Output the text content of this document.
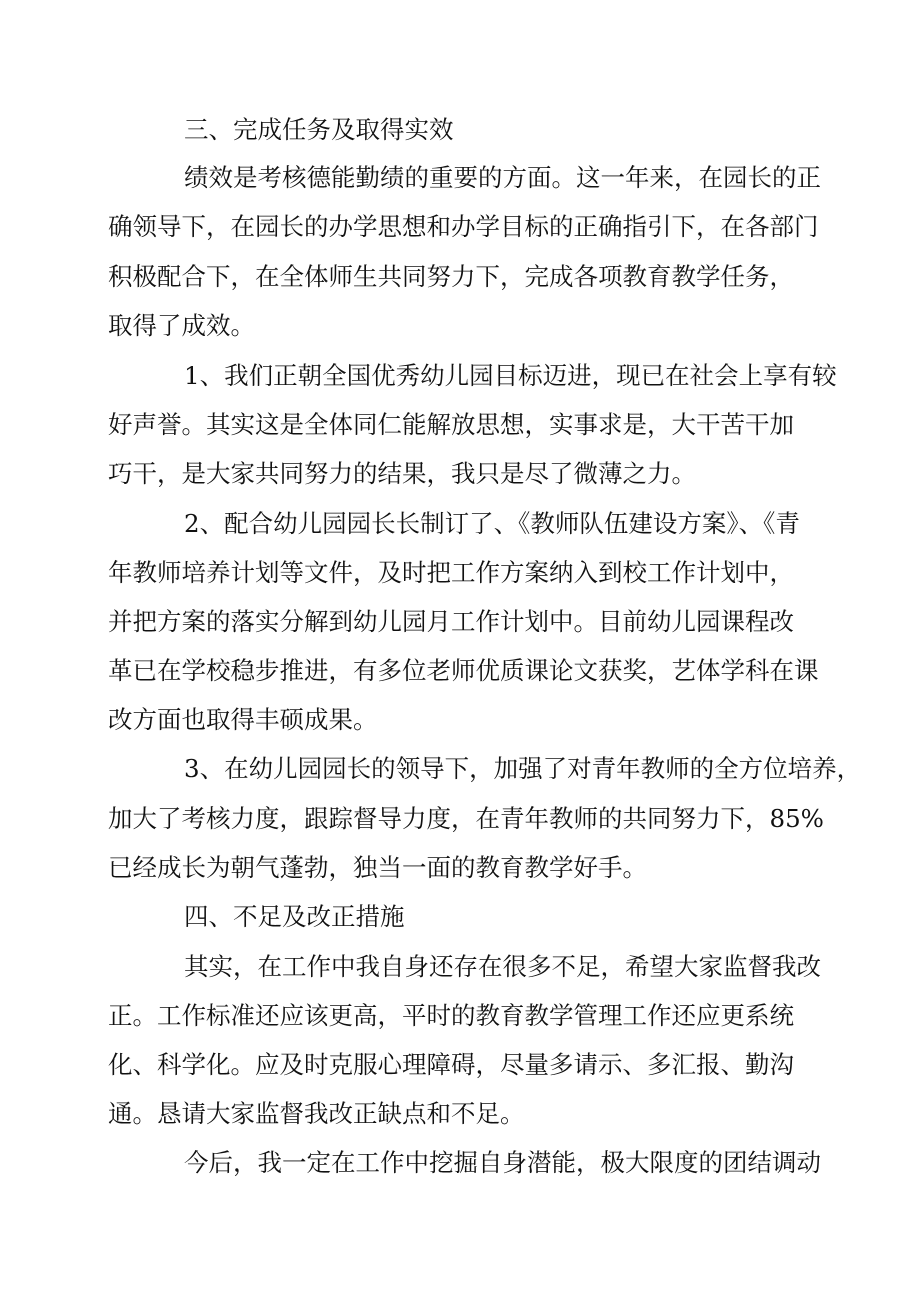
三、完成任务及取得实效

绩效是考核德能勤绩的重要的方面。这一年来，在园长的正

确领导下，在园长的办学思想和办学目标的正确指引下，在各部门

积极配合下，在全体师生共同努力下，完成各项教育教学任务，

取得了成效。

1、我们正朝全国优秀幼儿园目标迈进，现已在社会上享有较

好声誉。其实这是全体同仁能解放思想，实事求是，大干苦干加

巧干，是大家共同努力的结果，我只是尽了微薄之力。

2、配合幼儿园园长长制订了、《教师队伍建设方案》、《青

年教师培养计划等文件，及时把工作方案纳入到校工作计划中，

并把方案的落实分解到幼儿园月工作计划中。目前幼儿园课程改

革已在学校稳步推进，有多位老师优质课论文获奖，艺体学科在课

改方面也取得丰硕成果。

3、在幼儿园园长的领导下，加强了对青年教师的全方位培养，

加大了考核力度，跟踪督导力度，在青年教师的共同努力下，85%

已经成长为朝气蓬勃，独当一面的教育教学好手。

四、不足及改正措施

其实，在工作中我自身还存在很多不足，希望大家监督我改

正。工作标准还应该更高，平时的教育教学管理工作还应更系统

化、科学化。应及时克服心理障碍，尽量多请示、多汇报、勤沟

通。恳请大家监督我改正缺点和不足。

今后，我一定在工作中挖掘自身潜能，极大限度的团结调动
